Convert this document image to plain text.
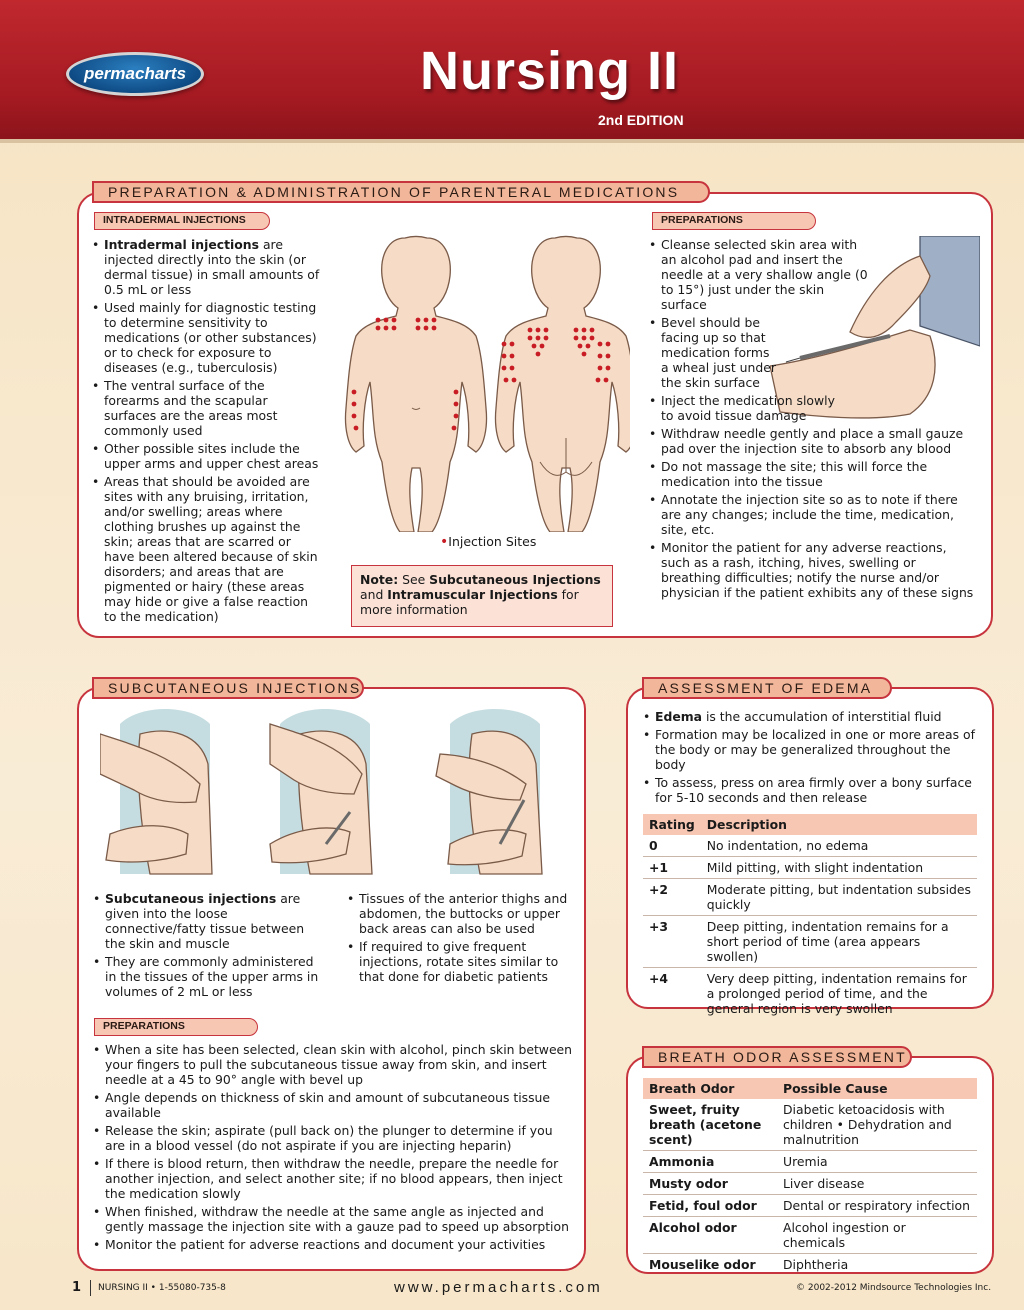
permacharts	Nursing II
2nd EDITION
PREPARATION & ADMINISTRATION OF PARENTERAL MEDICATIONS
INTRADERMAL INJECTIONS
• Intradermal injections are injected directly into the skin (or dermal tissue) in small amounts of 0.5 mL or less
• Used mainly for diagnostic testing to determine sensitivity to medications (or other substances) or to check for exposure to diseases (e.g., tuberculosis)
• The ventral surface of the forearms and the scapular surfaces are the areas most commonly used
• Other possible sites include the upper arms and upper chest areas
• Areas that should be avoided are sites with any bruising, irritation, and/or swelling; areas where clothing brushes up against the skin; areas that are scarred or have been altered because of skin disorders; and areas that are pigmented or hairy (these areas may hide or give a false reaction to the medication)
•Injection Sites
Note: See Subcutaneous Injections and Intramuscular Injections for more information
PREPARATIONS
• Cleanse selected skin area with an alcohol pad and insert the needle at a very shallow angle (0 to 15°) just under the skin surface
• Bevel should be facing up so that medication forms a wheal just under the skin surface
• Inject the medication slowly to avoid tissue damage
• Withdraw needle gently and place a small gauze pad over the injection site to absorb any blood
• Do not massage the site; this will force the medication into the tissue
• Annotate the injection site so as to note if there are any changes; include the time, medication, site, etc.
• Monitor the patient for any adverse reactions, such as a rash, itching, hives, swelling or breathing difficulties; notify the nurse and/or physician if the patient exhibits any of these signs
SUBCUTANEOUS INJECTIONS
• Subcutaneous injections are given into the loose connective/fatty tissue between the skin and muscle
• They are commonly administered in the tissues of the upper arms in volumes of 2 mL or less
• Tissues of the anterior thighs and abdomen, the buttocks or upper back areas can also be used
• If required to give frequent injections, rotate sites similar to that done for diabetic patients
PREPARATIONS
• When a site has been selected, clean skin with alcohol, pinch skin between your fingers to pull the subcutaneous tissue away from skin, and insert needle at a 45 to 90° angle with bevel up
• Angle depends on thickness of skin and amount of subcutaneous tissue available
• Release the skin; aspirate (pull back on) the plunger to determine if you are in a blood vessel (do not aspirate if you are injecting heparin)
• If there is blood return, then withdraw the needle, prepare the needle for another injection, and select another site; if no blood appears, then inject the medication slowly
• When finished, withdraw the needle at the same angle as injected and gently massage the injection site with a gauze pad to speed up absorption
• Monitor the patient for adverse reactions and document your activities
ASSESSMENT OF EDEMA
• Edema is the accumulation of interstitial fluid
• Formation may be localized in one or more areas of the body or may be generalized throughout the body
• To assess, press on area firmly over a bony surface for 5-10 seconds and then release
Rating	Description
0	No indentation, no edema
+1	Mild pitting, with slight indentation
+2	Moderate pitting, but indentation subsides quickly
+3	Deep pitting, indentation remains for a short period of time (area appears swollen)
+4	Very deep pitting, indentation remains for a prolonged period of time, and the general region is very swollen
BREATH ODOR ASSESSMENT
Breath Odor	Possible Cause
Sweet, fruity breath (acetone scent)	Diabetic ketoacidosis with children • Dehydration and malnutrition
Ammonia	Uremia
Musty odor	Liver disease
Fetid, foul odor	Dental or respiratory infection
Alcohol odor	Alcohol ingestion or chemicals
Mouselike odor	Diphtheria
1 NURSING II • 1-55080-735-8	www.permacharts.com	© 2002-2012 Mindsource Technologies Inc.
